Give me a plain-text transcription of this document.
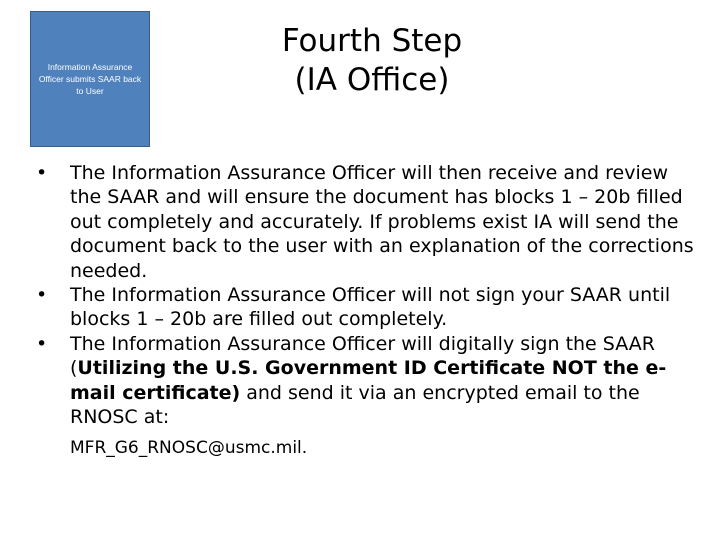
Information Assurance Officer submits SAAR back to User
Fourth Step
(IA Office)
• The Information Assurance Officer will then receive and review the SAAR and will ensure the document has blocks 1 – 20b filled out completely and accurately. If problems exist IA will send the document back to the user with an explanation of the corrections needed.
• The Information Assurance Officer will not sign your SAAR until blocks 1 – 20b are filled out completely.
• The Information Assurance Officer will digitally sign the SAAR (Utilizing the U.S. Government ID Certificate NOT the e-mail certificate) and send it via an encrypted email to the RNOSC at:
MFR_G6_RNOSC@usmc.mil.
